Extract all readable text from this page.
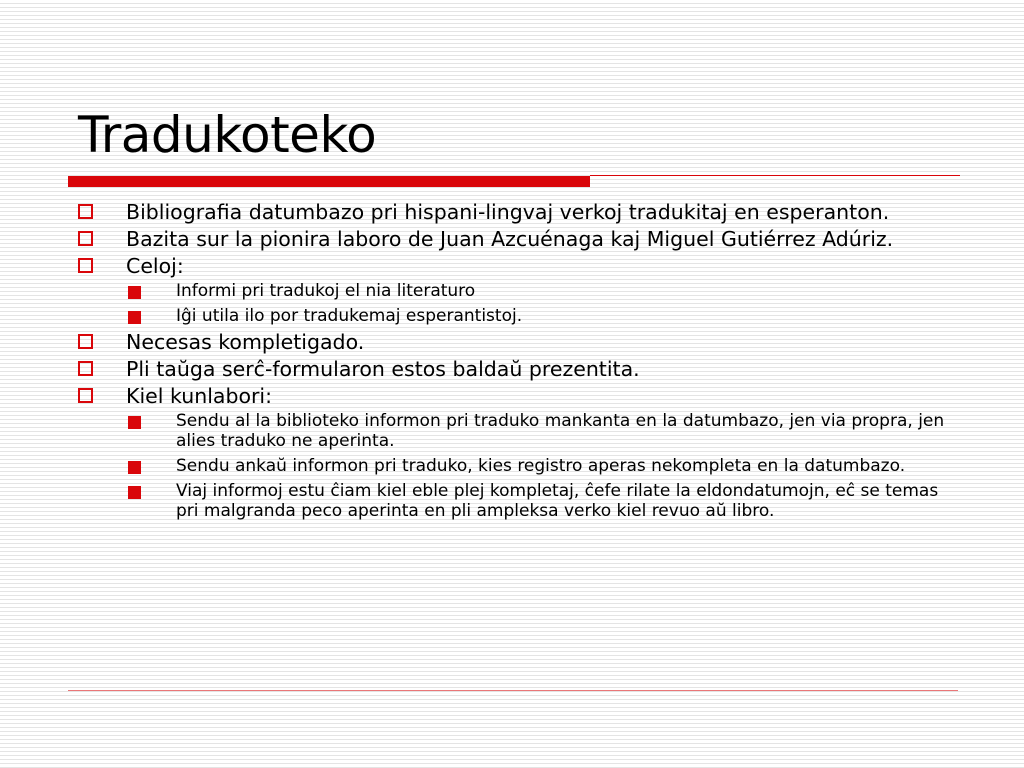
Tradukoteko
Bibliografia datumbazo pri hispani-lingvaj verkoj tradukitaj en esperanton.
Bazita sur la pionira laboro de Juan Azcuénaga kaj Miguel Gutiérrez Adúriz.
Celoj:
Informi pri tradukoj el nia literaturo
Iĝi utila ilo por tradukemaj esperantistoj.
Necesas kompletigado.
Pli taŭga serĉ-formularon estos baldaŭ prezentita.
Kiel kunlabori:
Sendu al la biblioteko informon pri traduko mankanta en la datumbazo, jen via propra, jen alies traduko ne aperinta.
Sendu ankaŭ informon pri traduko, kies registro aperas nekompleta en la datumbazo.
Viaj informoj estu ĉiam kiel eble plej kompletaj, ĉefe rilate la eldondatumojn, eĉ se temas pri malgranda peco aperinta en pli ampleksa verko kiel revuo aŭ libro.
